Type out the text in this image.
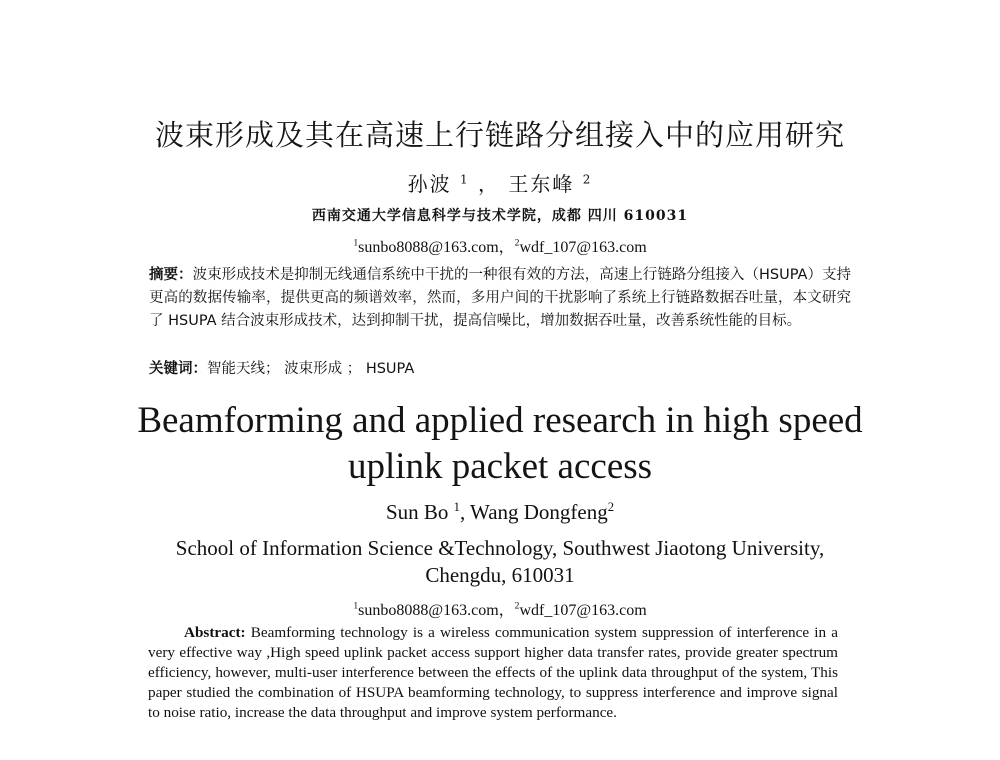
波束形成及其在高速上行链路分组接入中的应用研究
孙波 $^1$ ， 王东峰 $^2$
西南交通大学信息科学与技术学院，成都 四川 610031
$^1$sunbo8088@163.com，$^2$wdf_107@163.com
摘要：波束形成技术是抑制无线通信系统中干扰的一种很有效的方法，高速上行链路分组接入（HSUPA）支持更高的数据传输率，提供更高的频谱效率，然而，多用户间的干扰影响了系统上行链路数据吞吐量，本文研究了 HSUPA 结合波束形成技术，达到抑制干扰，提高信噪比，增加数据吞吐量，改善系统性能的目标。
关键词：智能天线； 波束形成 ； HSUPA
Beamforming and applied research in high speed
uplink packet access
Sun Bo $^1$, Wang Dongfeng$^2$
School of Information Science &Technology, Southwest Jiaotong University,
Chengdu, 610031
$^1$sunbo8088@163.com，$^2$wdf_107@163.com
Abstract: Beamforming technology is a wireless communication system suppression of interference in a very effective way ,High speed uplink packet access support higher data transfer rates, provide greater spectrum efficiency, however, multi-user interference between the effects of the uplink data throughput of the system, This paper studied the combination of HSUPA beamforming technology, to suppress interference and improve signal to noise ratio, increase the data throughput and improve system performance.
